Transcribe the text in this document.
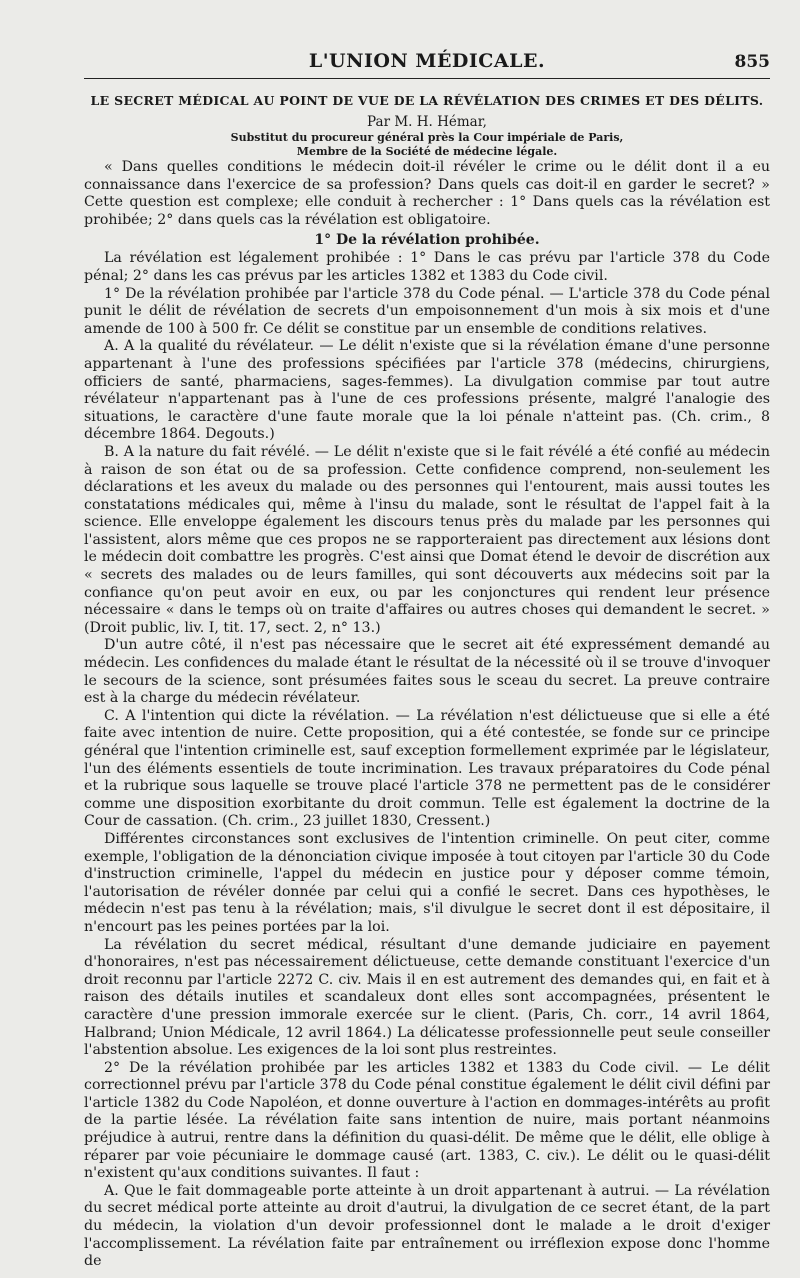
L'UNION MÉDICALE.	855
LE SECRET MÉDICAL AU POINT DE VUE DE LA RÉVÉLATION DES CRIMES ET DES DÉLITS.

Par M. H. Hémar,

Substitut du procureur général près la Cour impériale de Paris,

Membre de la Société de médecine légale.

« Dans quelles conditions le médecin doit-il révéler le crime ou le délit dont il a eu connaissance dans l'exercice de sa profession? Dans quels cas doit-il en garder le secret? » Cette question est complexe; elle conduit à rechercher : 1° Dans quels cas la révélation est prohibée; 2° dans quels cas la révélation est obligatoire.

1° De la révélation prohibée.

La révélation est légalement prohibée : 1° Dans le cas prévu par l'article 378 du Code pénal; 2° dans les cas prévus par les articles 1382 et 1383 du Code civil.

1° De la révélation prohibée par l'article 378 du Code pénal. — L'article 378 du Code pénal punit le délit de révélation de secrets d'un empoisonnement d'un mois à six mois et d'une amende de 100 à 500 fr. Ce délit se constitue par un ensemble de conditions relatives.

A. A la qualité du révélateur. — Le délit n'existe que si la révélation émane d'une personne appartenant à l'une des professions spécifiées par l'article 378 (médecins, chirurgiens, officiers de santé, pharmaciens, sages-femmes). La divulgation commise par tout autre révélateur n'appartenant pas à l'une de ces professions présente, malgré l'analogie des situations, le caractère d'une faute morale que la loi pénale n'atteint pas. (Ch. crim., 8 décembre 1864. Degouts.)

B. A la nature du fait révélé. — Le délit n'existe que si le fait révélé a été confié au médecin à raison de son état ou de sa profession. Cette confidence comprend, non-seulement les déclarations et les aveux du malade ou des personnes qui l'entourent, mais aussi toutes les constatations médicales qui, même à l'insu du malade, sont le résultat de l'appel fait à la science. Elle enveloppe également les discours tenus près du malade par les personnes qui l'assistent, alors même que ces propos ne se rapporteraient pas directement aux lésions dont le médecin doit combattre les progrès. C'est ainsi que Domat étend le devoir de discrétion aux « secrets des malades ou de leurs familles, qui sont découverts aux médecins soit par la confiance qu'on peut avoir en eux, ou par les conjonctures qui rendent leur présence nécessaire « dans le temps où on traite d'affaires ou autres choses qui demandent le secret. » (Droit public, liv. I, tit. 17, sect. 2, n° 13.)

D'un autre côté, il n'est pas nécessaire que le secret ait été expressément demandé au médecin. Les confidences du malade étant le résultat de la nécessité où il se trouve d'invoquer le secours de la science, sont présumées faites sous le sceau du secret. La preuve contraire est à la charge du médecin révélateur.

C. A l'intention qui dicte la révélation. — La révélation n'est délictueuse que si elle a été faite avec intention de nuire. Cette proposition, qui a été contestée, se fonde sur ce principe général que l'intention criminelle est, sauf exception formellement exprimée par le législateur, l'un des éléments essentiels de toute incrimination. Les travaux préparatoires du Code pénal et la rubrique sous laquelle se trouve placé l'article 378 ne permettent pas de le considérer comme une disposition exorbitante du droit commun. Telle est également la doctrine de la Cour de cassation. (Ch. crim., 23 juillet 1830, Cressent.)

Différentes circonstances sont exclusives de l'intention criminelle. On peut citer, comme exemple, l'obligation de la dénonciation civique imposée à tout citoyen par l'article 30 du Code d'instruction criminelle, l'appel du médecin en justice pour y déposer comme témoin, l'autorisation de révéler donnée par celui qui a confié le secret. Dans ces hypothèses, le médecin n'est pas tenu à la révélation; mais, s'il divulgue le secret dont il est dépositaire, il n'encourt pas les peines portées par la loi.

La révélation du secret médical, résultant d'une demande judiciaire en payement d'honoraires, n'est pas nécessairement délictueuse, cette demande constituant l'exercice d'un droit reconnu par l'article 2272 C. civ. Mais il en est autrement des demandes qui, en fait et à raison des détails inutiles et scandaleux dont elles sont accompagnées, présentent le caractère d'une pression immorale exercée sur le client. (Paris, Ch. corr., 14 avril 1864, Halbrand; Union Médicale, 12 avril 1864.) La délicatesse professionnelle peut seule conseiller l'abstention absolue. Les exigences de la loi sont plus restreintes.

2° De la révélation prohibée par les articles 1382 et 1383 du Code civil. — Le délit correctionnel prévu par l'article 378 du Code pénal constitue également le délit civil défini par l'article 1382 du Code Napoléon, et donne ouverture à l'action en dommages-intérêts au profit de la partie lésée. La révélation faite sans intention de nuire, mais portant néanmoins préjudice à autrui, rentre dans la définition du quasi-délit. De même que le délit, elle oblige à réparer par voie pécuniaire le dommage causé (art. 1383, C. civ.). Le délit ou le quasi-délit n'existent qu'aux conditions suivantes. Il faut :

A. Que le fait dommageable porte atteinte à un droit appartenant à autrui. — La révélation du secret médical porte atteinte au droit d'autrui, la divulgation de ce secret étant, de la part du médecin, la violation d'un devoir professionnel dont le malade a le droit d'exiger l'accomplissement. La révélation faite par entraînement ou irréflexion expose donc l'homme de
